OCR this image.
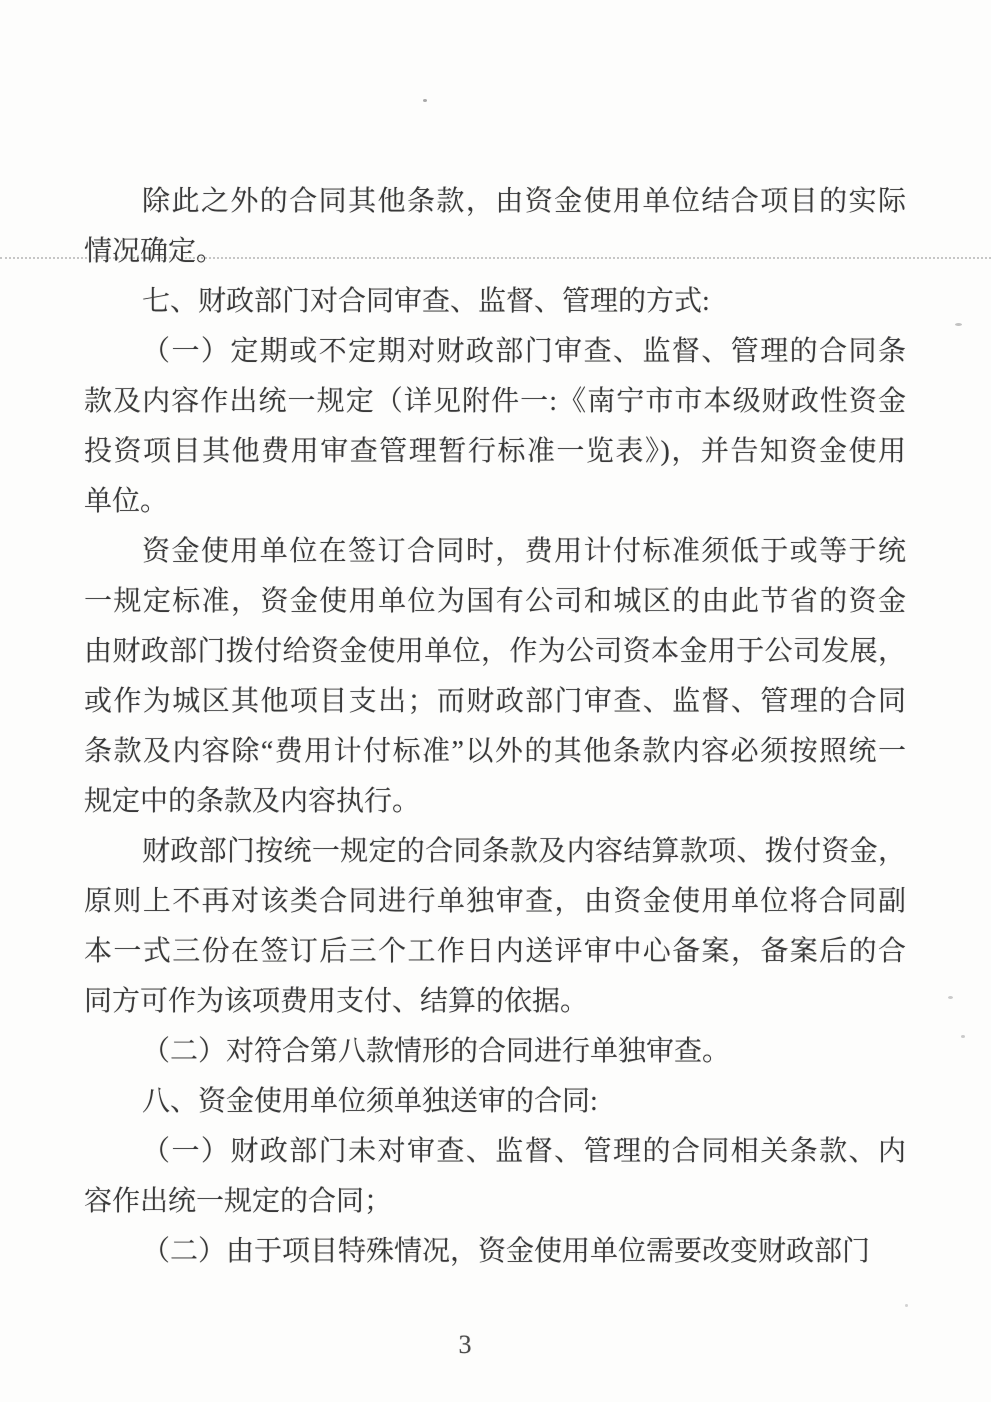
除此之外的合同其他条款，由资金使用单位结合项目的实际
情况确定。
七、财政部门对合同审查、监督、管理的方式:
（一）定期或不定期对财政部门审查、监督、管理的合同条
款及内容作出统一规定（详见附件一:《南宁市市本级财政性资金
投资项目其他费用审查管理暂行标准一览表》)，并告知资金使用
单位。
资金使用单位在签订合同时，费用计付标准须低于或等于统
一规定标准，资金使用单位为国有公司和城区的由此节省的资金
由财政部门拨付给资金使用单位，作为公司资本金用于公司发展，
或作为城区其他项目支出；而财政部门审查、监督、管理的合同
条款及内容除“费用计付标准”以外的其他条款内容必须按照统一
规定中的条款及内容执行。
财政部门按统一规定的合同条款及内容结算款项、拨付资金，
原则上不再对该类合同进行单独审查，由资金使用单位将合同副
本一式三份在签订后三个工作日内送评审中心备案，备案后的合
同方可作为该项费用支付、结算的依据。
（二）对符合第八款情形的合同进行单独审查。
八、资金使用单位须单独送审的合同:
（一）财政部门未对审查、监督、管理的合同相关条款、内
容作出统一规定的合同；
（二）由于项目特殊情况，资金使用单位需要改变财政部门
3
